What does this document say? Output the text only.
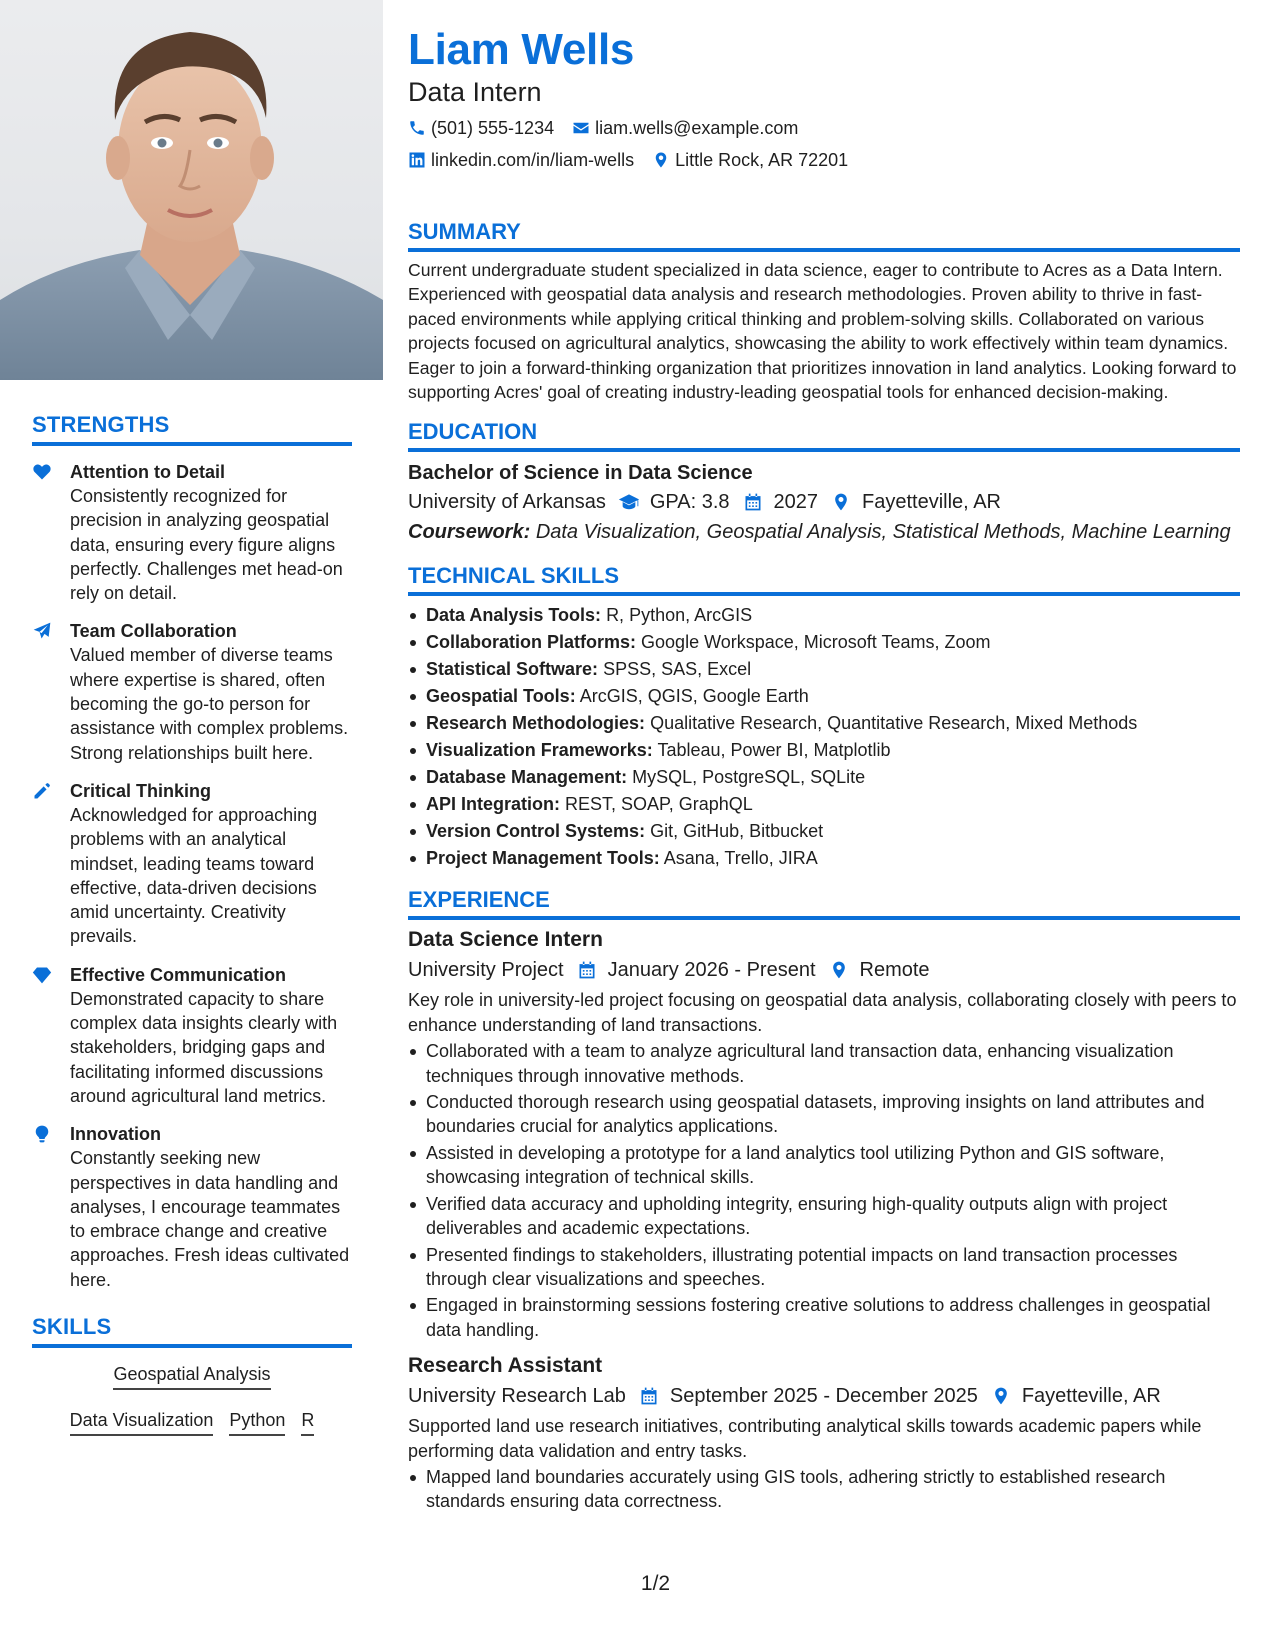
STRENGTHS
Attention to Detail
Consistently recognized for precision in analyzing geospatial data, ensuring every figure aligns perfectly. Challenges met head-on rely on detail.
Team Collaboration
Valued member of diverse teams where expertise is shared, often becoming the go-to person for assistance with complex problems. Strong relationships built here.
Critical Thinking
Acknowledged for approaching problems with an analytical mindset, leading teams toward effective, data-driven decisions amid uncertainty. Creativity prevails.
Effective Communication
Demonstrated capacity to share complex data insights clearly with stakeholders, bridging gaps and facilitating informed discussions around agricultural land metrics.
Innovation
Constantly seeking new perspectives in data handling and analyses, I encourage teammates to embrace change and creative approaches. Fresh ideas cultivated here.
SKILLS
Geospatial Analysis
Data Visualization Python R
Liam Wells
Data Intern
(501) 555-1234 liam.wells@example.com
linkedin.com/in/liam-wells Little Rock, AR 72201
SUMMARY
Current undergraduate student specialized in data science, eager to contribute to Acres as a Data Intern. Experienced with geospatial data analysis and research methodologies. Proven ability to thrive in fast-paced environments while applying critical thinking and problem-solving skills. Collaborated on various projects focused on agricultural analytics, showcasing the ability to work effectively within team dynamics. Eager to join a forward-thinking organization that prioritizes innovation in land analytics. Looking forward to supporting Acres' goal of creating industry-leading geospatial tools for enhanced decision-making.
EDUCATION
Bachelor of Science in Data Science
University of Arkansas GPA: 3.8 2027 Fayetteville, AR
Coursework: Data Visualization, Geospatial Analysis, Statistical Methods, Machine Learning
TECHNICAL SKILLS
Data Analysis Tools: R, Python, ArcGIS
Collaboration Platforms: Google Workspace, Microsoft Teams, Zoom
Statistical Software: SPSS, SAS, Excel
Geospatial Tools: ArcGIS, QGIS, Google Earth
Research Methodologies: Qualitative Research, Quantitative Research, Mixed Methods
Visualization Frameworks: Tableau, Power BI, Matplotlib
Database Management: MySQL, PostgreSQL, SQLite
API Integration: REST, SOAP, GraphQL
Version Control Systems: Git, GitHub, Bitbucket
Project Management Tools: Asana, Trello, JIRA
EXPERIENCE
Data Science Intern
University Project January 2026 - Present Remote
Key role in university-led project focusing on geospatial data analysis, collaborating closely with peers to enhance understanding of land transactions.
Collaborated with a team to analyze agricultural land transaction data, enhancing visualization techniques through innovative methods.
Conducted thorough research using geospatial datasets, improving insights on land attributes and boundaries crucial for analytics applications.
Assisted in developing a prototype for a land analytics tool utilizing Python and GIS software, showcasing integration of technical skills.
Verified data accuracy and upholding integrity, ensuring high-quality outputs align with project deliverables and academic expectations.
Presented findings to stakeholders, illustrating potential impacts on land transaction processes through clear visualizations and speeches.
Engaged in brainstorming sessions fostering creative solutions to address challenges in geospatial data handling.
Research Assistant
University Research Lab September 2025 - December 2025 Fayetteville, AR
Supported land use research initiatives, contributing analytical skills towards academic papers while performing data validation and entry tasks.
Mapped land boundaries accurately using GIS tools, adhering strictly to established research standards ensuring data correctness.
1/2
